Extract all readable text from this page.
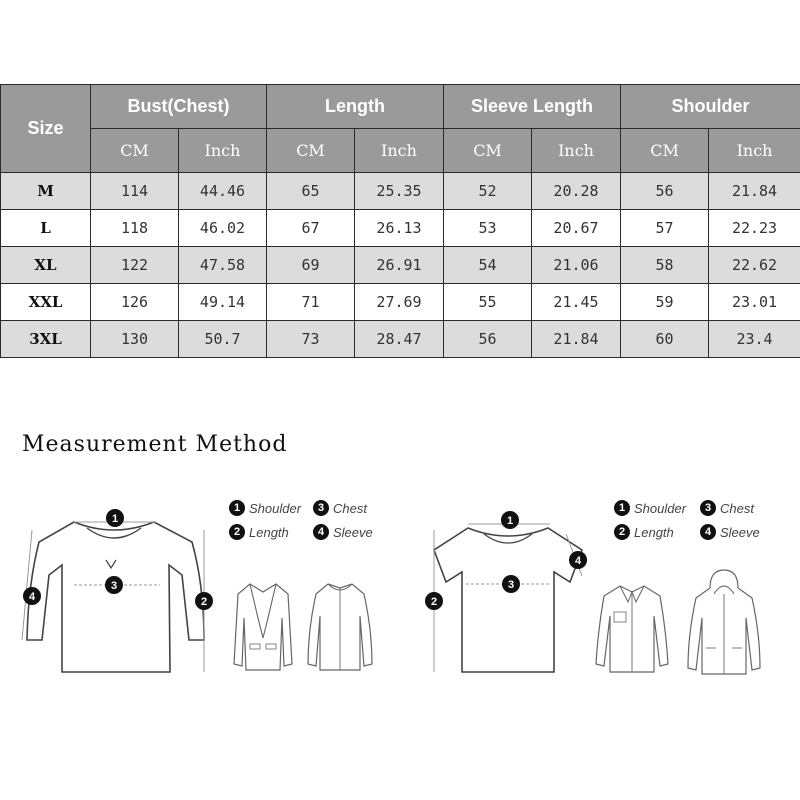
Size	Bust(Chest)		Length		Sleeve Length		Shoulder	
	CM	Inch	CM	Inch	CM	Inch	CM	Inch
M	114	44.46	65	25.35	52	20.28	56	21.84
L	118	46.02	67	26.13	53	20.67	57	22.23
XL	122	47.58	69	26.91	54	21.06	58	22.62
XXL	126	49.14	71	27.69	55	21.45	59	23.01
3XL	130	50.7	73	28.47	56	21.84	60	23.4
Measurement Method
1
3
2
4
1 Shoulder	3 Chest
2 Length	4 Sleeve
1
3
2
4
1 Shoulder	3 Chest
2 Length	4 Sleeve
